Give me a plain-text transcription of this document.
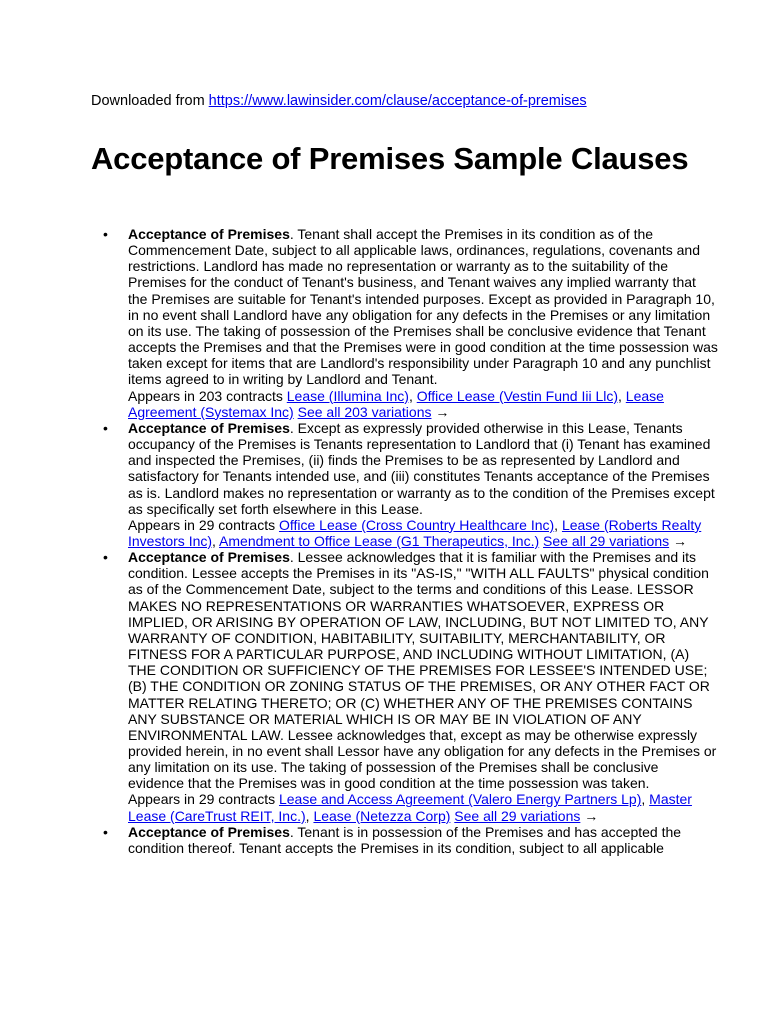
Downloaded from https://www.lawinsider.com/clause/acceptance-of-premises
Acceptance of Premises Sample Clauses
• Acceptance of Premises. Tenant shall accept the Premises in its condition as of the Commencement Date, subject to all applicable laws, ordinances, regulations, covenants and restrictions. Landlord has made no representation or warranty as to the suitability of the Premises for the conduct of Tenant's business, and Tenant waives any implied warranty that the Premises are suitable for Tenant's intended purposes. Except as provided in Paragraph 10, in no event shall Landlord have any obligation for any defects in the Premises or any limitation on its use. The taking of possession of the Premises shall be conclusive evidence that Tenant accepts the Premises and that the Premises were in good condition at the time possession was taken except for items that are Landlord's responsibility under Paragraph 10 and any punchlist items agreed to in writing by Landlord and Tenant.
Appears in 203 contracts Lease (Illumina Inc), Office Lease (Vestin Fund Iii Llc), Lease Agreement (Systemax Inc) See all 203 variations →
• Acceptance of Premises. Except as expressly provided otherwise in this Lease, Tenants occupancy of the Premises is Tenants representation to Landlord that (i) Tenant has examined and inspected the Premises, (ii) finds the Premises to be as represented by Landlord and satisfactory for Tenants intended use, and (iii) constitutes Tenants acceptance of the Premises as is. Landlord makes no representation or warranty as to the condition of the Premises except as specifically set forth elsewhere in this Lease.
Appears in 29 contracts Office Lease (Cross Country Healthcare Inc), Lease (Roberts Realty Investors Inc), Amendment to Office Lease (G1 Therapeutics, Inc.) See all 29 variations →
• Acceptance of Premises. Lessee acknowledges that it is familiar with the Premises and its condition. Lessee accepts the Premises in its "AS-IS," "WITH ALL FAULTS" physical condition as of the Commencement Date, subject to the terms and conditions of this Lease. LESSOR MAKES NO REPRESENTATIONS OR WARRANTIES WHATSOEVER, EXPRESS OR IMPLIED, OR ARISING BY OPERATION OF LAW, INCLUDING, BUT NOT LIMITED TO, ANY WARRANTY OF CONDITION, HABITABILITY, SUITABILITY, MERCHANTABILITY, OR FITNESS FOR A PARTICULAR PURPOSE, AND INCLUDING WITHOUT LIMITATION, (A) THE CONDITION OR SUFFICIENCY OF THE PREMISES FOR LESSEE'S INTENDED USE; (B) THE CONDITION OR ZONING STATUS OF THE PREMISES, OR ANY OTHER FACT OR MATTER RELATING THERETO; OR (C) WHETHER ANY OF THE PREMISES CONTAINS ANY SUBSTANCE OR MATERIAL WHICH IS OR MAY BE IN VIOLATION OF ANY ENVIRONMENTAL LAW. Lessee acknowledges that, except as may be otherwise expressly provided herein, in no event shall Lessor have any obligation for any defects in the Premises or any limitation on its use. The taking of possession of the Premises shall be conclusive evidence that the Premises was in good condition at the time possession was taken.
Appears in 29 contracts Lease and Access Agreement (Valero Energy Partners Lp), Master Lease (CareTrust REIT, Inc.), Lease (Netezza Corp) See all 29 variations →
• Acceptance of Premises. Tenant is in possession of the Premises and has accepted the condition thereof. Tenant accepts the Premises in its condition, subject to all applicable
